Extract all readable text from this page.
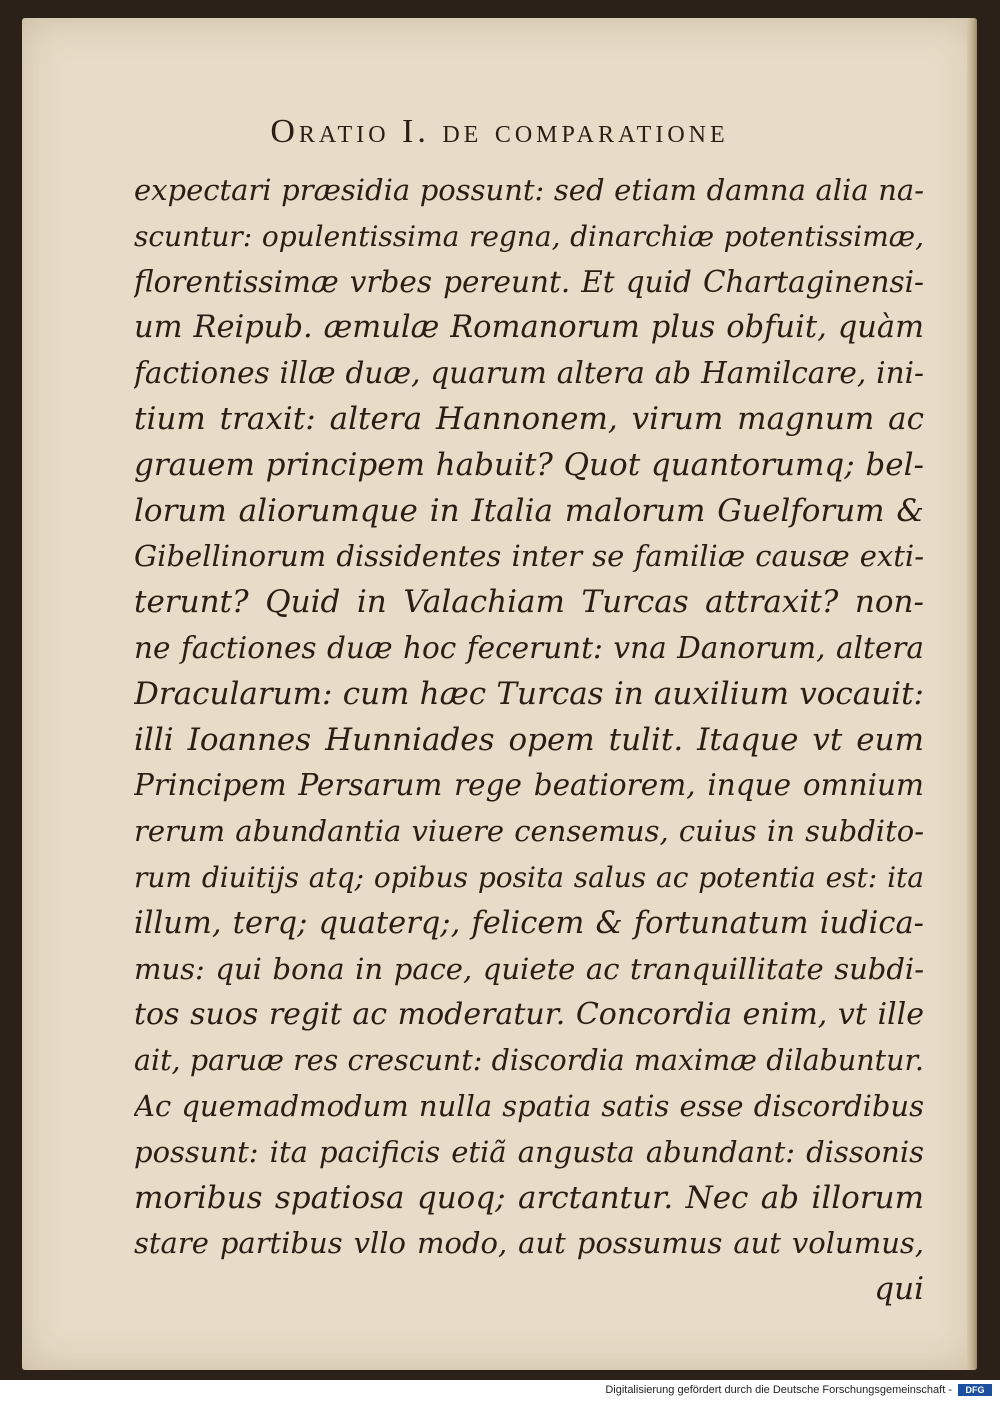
Oratio I. de comparatione
expectari præsidia possunt: sed etiam damna alia na-
scuntur: opulentissima regna, dinarchiæ potentissimæ,
florentissimæ vrbes pereunt. Et quid Chartaginensi-
um Reipub. æmulæ Romanorum plus obfuit, quàm
factiones illæ duæ, quarum altera ab Hamilcare, ini-
tium traxit: altera Hannonem, virum magnum ac
grauem principem habuit? Quot quantorumq; bel-
lorum aliorumque in Italia malorum Guelforum &
Gibellinorum dissidentes inter se familiæ causæ exti-
terunt? Quid in Valachiam Turcas attraxit? non-
ne factiones duæ hoc fecerunt: vna Danorum, altera
Dracularum: cum hæc Turcas in auxilium vocauit:
illi Ioannes Hunniades opem tulit. Itaque vt eum
Principem Persarum rege beatiorem, inque omnium
rerum abundantia viuere censemus, cuius in subdito-
rum diuitijs atq; opibus posita salus ac potentia est: ita
illum, terq; quaterq;, felicem & fortunatum iudica-
mus: qui bona in pace, quiete ac tranquillitate subdi-
tos suos regit ac moderatur. Concordia enim, vt ille
ait, paruæ res crescunt: discordia maximæ dilabuntur.
Ac quemadmodum nulla spatia satis esse discordibus
possunt: ita pacificis etiã angusta abundant: dissonis
moribus spatiosa quoq; arctantur. Nec ab illorum
stare partibus vllo modo, aut possumus aut volumus,
qui
Digitalisierung gefördert durch die Deutsche Forschungsgemeinschaft -	DFG
